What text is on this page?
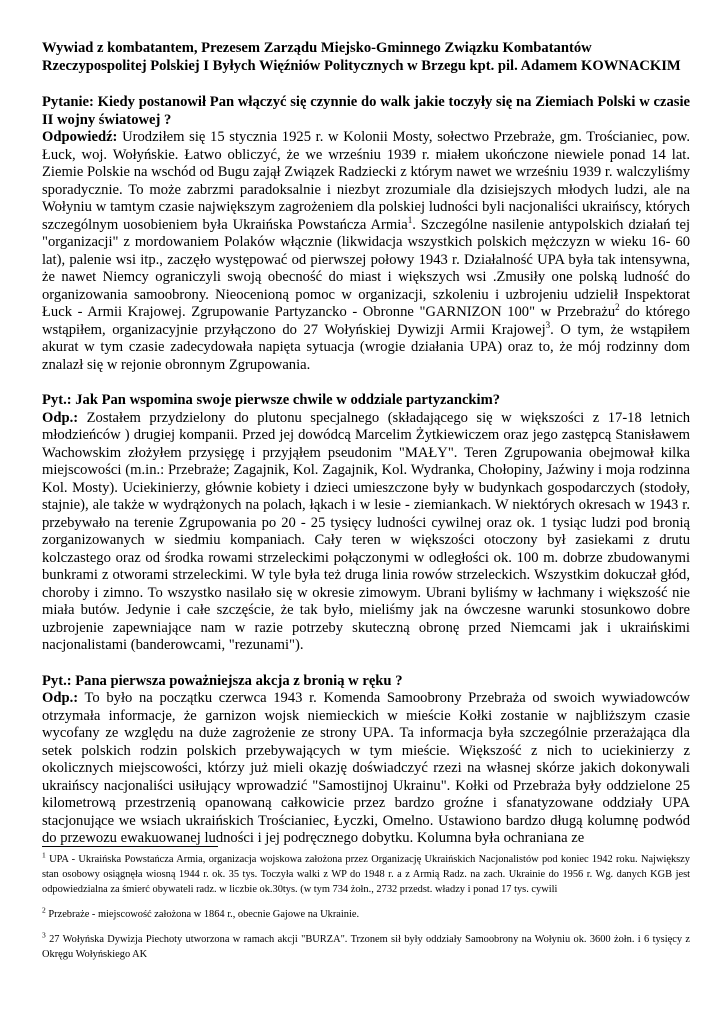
Wywiad z kombatantem, Prezesem Zarządu Miejsko-Gminnego Związku Kombatantów Rzeczypospolitej Polskiej I Byłych Więźniów Politycznych w Brzegu kpt. pil. Adamem KOWNACKIM

Pytanie: Kiedy postanowił Pan włączyć się czynnie do walk jakie toczyły się na Ziemiach Polski w czasie II wojny światowej ?
Odpowiedź: Urodziłem się 15 stycznia 1925 r. w Kolonii Mosty, sołectwo Przebraże, gm. Trościaniec, pow. Łuck, woj. Wołyńskie. Łatwo obliczyć, że we wrześniu 1939 r. miałem ukończone niewiele ponad 14 lat. Ziemie Polskie na wschód od Bugu zajął Związek Radziecki z którym nawet we wrześniu 1939 r. walczyliśmy sporadycznie. To może zabrzmi paradoksalnie i niezbyt zrozumiale dla dzisiejszych młodych ludzi, ale na Wołyniu w tamtym czasie największym zagrożeniem dla polskiej ludności byli nacjonaliści ukraińscy, których szczególnym uosobieniem była Ukraińska Powstańcza Armia$^1$. Szczególne nasilenie antypolskich działań tej "organizacji" z mordowaniem Polaków włącznie (likwidacja wszystkich polskich mężczyzn w wieku 16- 60 lat), palenie wsi itp., zaczęło występować od pierwszej połowy 1943 r. Działalność UPA była tak intensywna, że nawet Niemcy ograniczyli swoją obecność do miast i większych wsi .Zmusiły one polską ludność do organizowania samoobrony. Nieocenioną pomoc w organizacji, szkoleniu i uzbrojeniu udzielił Inspektorat Łuck - Armii Krajowej. Zgrupowanie Partyzancko - Obronne "GARNIZON 100" w Przebrażu$^2$ do którego wstąpiłem, organizacyjnie przyłączono do 27 Wołyńskiej Dywizji Armii Krajowej$^3$. O tym, że wstąpiłem akurat w tym czasie zadecydowała napięta sytuacja (wrogie działania UPA) oraz to, że mój rodzinny dom znalazł się w rejonie obronnym Zgrupowania.

Pyt.: Jak Pan wspomina swoje pierwsze chwile w oddziale partyzanckim?
Odp.: Zostałem przydzielony do plutonu specjalnego (składającego się w większości z 17-18 letnich młodzieńców ) drugiej kompanii. Przed jej dowódcą Marcelim Żytkiewiczem oraz jego zastępcą Stanisławem Wachowskim złożyłem przysięgę i przyjąłem pseudonim "MAŁY". Teren Zgrupowania obejmował kilka miejscowości (m.in.: Przebraże; Zagajnik, Kol. Zagajnik, Kol. Wydranka, Chołopiny, Jaźwiny i moja rodzinna Kol. Mosty). Uciekinierzy, głównie kobiety i dzieci umieszczone były w budynkach gospodarczych (stodoły, stajnie), ale także w wydrążonych na polach, łąkach i w lesie - ziemiankach. W niektórych okresach w 1943 r. przebywało na terenie Zgrupowania po 20 - 25 tysięcy ludności cywilnej oraz ok. 1 tysiąc ludzi pod bronią zorganizowanych w siedmiu kompaniach. Cały teren w większości otoczony był zasiekami z drutu kolczastego oraz od środka rowami strzeleckimi połączonymi w odległości ok. 100 m. dobrze zbudowanymi bunkrami z otworami strzeleckimi. W tyle była też druga linia rowów strzeleckich. Wszystkim dokuczał głód, choroby i zimno. To wszystko nasilało się w okresie zimowym. Ubrani byliśmy w łachmany i większość nie miała butów. Jedynie i całe szczęście, że tak było, mieliśmy jak na ówczesne warunki stosunkowo dobre uzbrojenie zapewniające nam w razie potrzeby skuteczną obronę przed Niemcami jak i ukraińskimi nacjonalistami (banderowcami, "rezunami").

Pyt.: Pana pierwsza poważniejsza akcja z bronią w ręku ?
Odp.: To było na początku czerwca 1943 r. Komenda Samoobrony Przebraża od swoich wywiadowców otrzymała informacje, że garnizon wojsk niemieckich w mieście Kołki zostanie w najbliższym czasie wycofany ze względu na duże zagrożenie ze strony UPA. Ta informacja była szczególnie przerażająca dla setek polskich rodzin polskich przebywających w tym mieście. Większość z nich to uciekinierzy z okolicznych miejscowości, którzy już mieli okazję doświadczyć rzezi na własnej skórze jakich dokonywali ukraińscy nacjonaliści usiłujący wprowadzić "Samostijnoj Ukrainu". Kołki od Przebraża były oddzielone 25 kilometrową przestrzenią opanowaną całkowicie przez bardzo groźne i sfanatyzowane oddziały UPA stacjonujące we wsiach ukraińskich Trościaniec, Łyczki, Omelno. Ustawiono bardzo długą kolumnę podwód do przewozu ewakuowanej ludności i jej podręcznego dobytku. Kolumna była ochraniana ze

$^1$ UPA - Ukraińska Powstańcza Armia, organizacja wojskowa założona przez Organizację Ukraińskich Nacjonalistów pod koniec 1942 roku. Największy stan osobowy osiągnęła wiosną 1944 r. ok. 35 tys. Toczyła walki z WP do 1948 r. a z Armią Radz. na zach. Ukrainie do 1956 r. Wg. danych KGB jest odpowiedzialna za śmierć obywateli radz. w liczbie ok.30tys. (w tym 734 żołn., 2732 przedst. władzy i ponad 17 tys. cywili

$^2$ Przebraże - miejscowość założona w 1864 r., obecnie Gajowe na Ukrainie.

$^3$ 27 Wołyńska Dywizja Piechoty utworzona w ramach akcji "BURZA". Trzonem sił były oddziały Samoobrony na Wołyniu ok. 3600 żołn. i 6 tysięcy z Okręgu Wołyńskiego AK
